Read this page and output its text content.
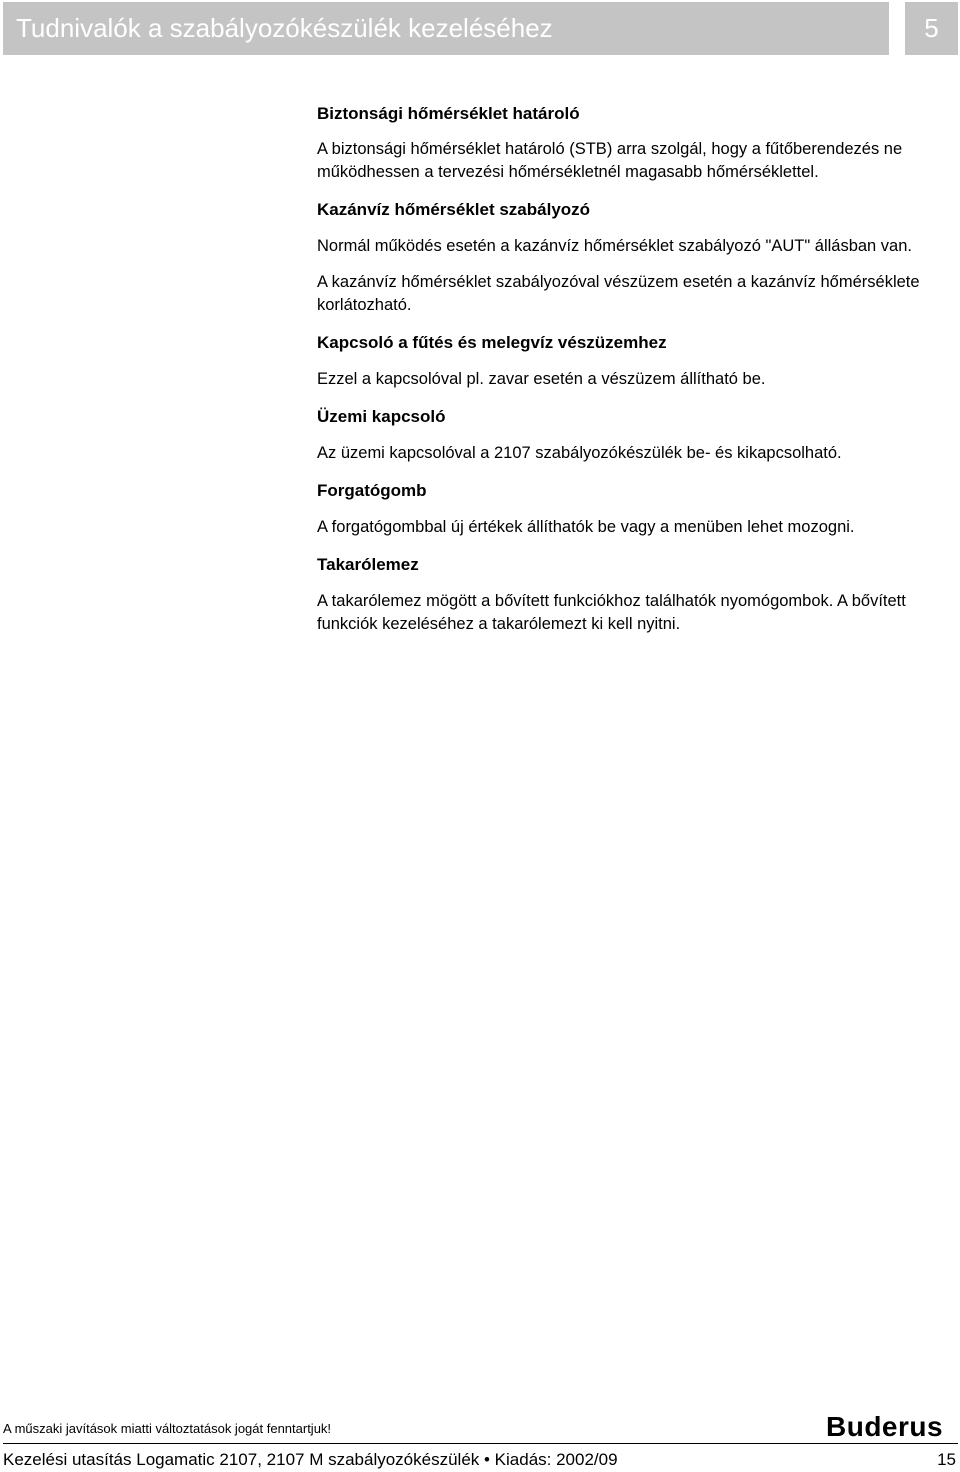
Tudnivalók a szabályozókészülék kezeléséhez	5

Biztonsági hőmérséklet határoló

A biztonsági hőmérséklet határoló (STB) arra szolgál, hogy a fűtőberendezés ne működhessen a tervezési hőmérsékletnél magasabb hőmérséklettel.

Kazánvíz hőmérséklet szabályozó

Normál működés esetén a kazánvíz hőmérséklet szabályozó "AUT" állásban van.

A kazánvíz hőmérséklet szabályozóval vészüzem esetén a kazánvíz hőmérséklete korlátozható.

Kapcsoló a fűtés és melegvíz vészüzemhez

Ezzel a kapcsolóval pl. zavar esetén a vészüzem állítható be.

Üzemi kapcsoló

Az üzemi kapcsolóval a 2107 szabályozókészülék be- és kikapcsolható.

Forgatógomb

A forgatógombbal új értékek állíthatók be vagy a menüben lehet mozogni.

Takarólemez

A takarólemez mögött a bővített funkciókhoz találhatók nyomógombok. A bővített funkciók kezeléséhez a takarólemezt ki kell nyitni.

A műszaki javítások miatti változtatások jogát fenntartjuk!	Buderus
Kezelési utasítás Logamatic 2107, 2107 M szabályozókészülék • Kiadás: 2002/09	15
